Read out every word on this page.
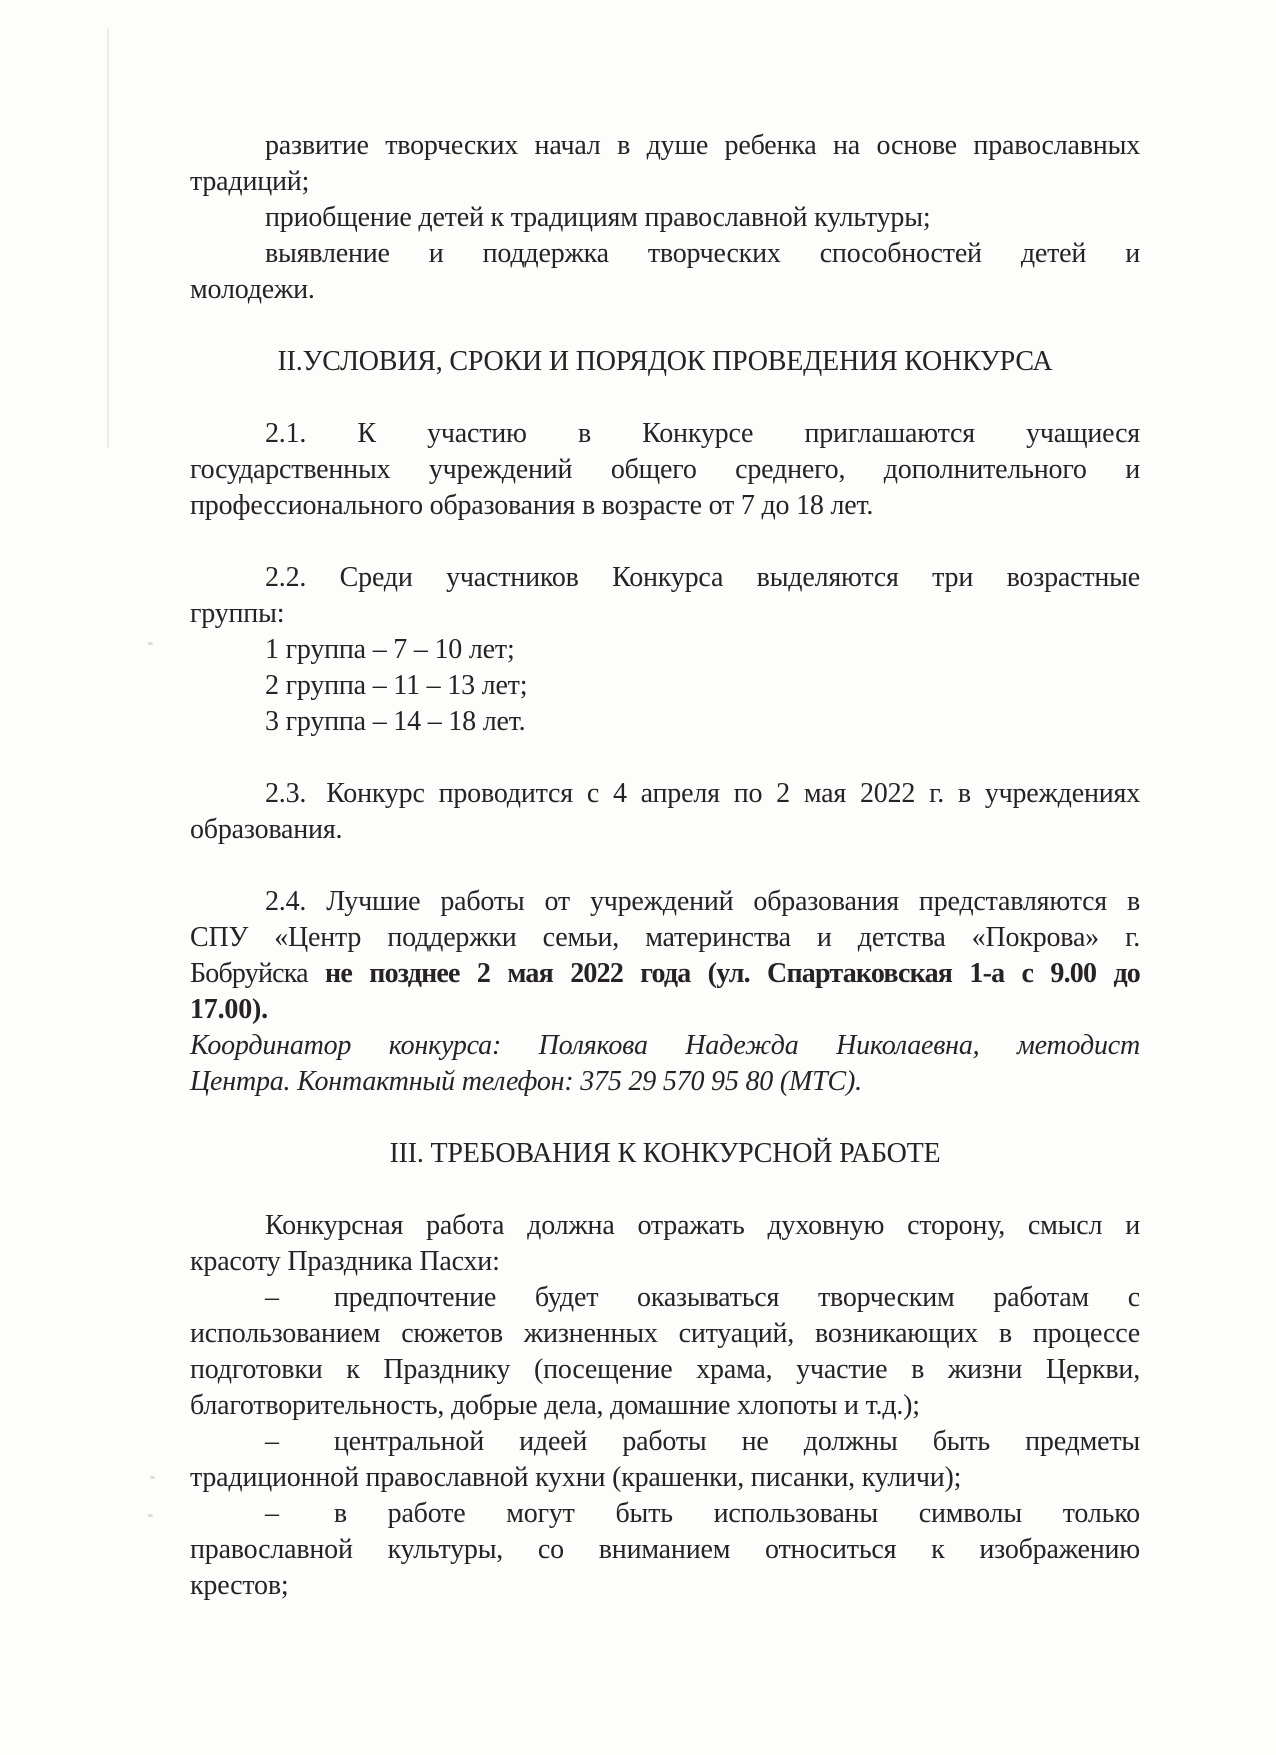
развитие творческих начал в душе ребенка на основе православных
традиций;
приобщение детей к традициям православной культуры;
выявление и поддержка творческих способностей детей и
молодежи.
II.УСЛОВИЯ, СРОКИ И ПОРЯДОК ПРОВЕДЕНИЯ КОНКУРСА
2.1. К участию в Конкурсе приглашаются учащиеся
государственных учреждений общего среднего, дополнительного и
профессионального образования в возрасте от 7 до 18 лет.
2.2. Среди участников Конкурса выделяются три возрастные
группы:
1 группа – 7 – 10 лет;
2 группа – 11 – 13 лет;
3 группа – 14 – 18 лет.
2.3. Конкурс проводится с 4 апреля по 2 мая 2022 г. в учреждениях
образования.
2.4. Лучшие работы от учреждений образования представляются в
СПУ «Центр поддержки семьи, материнства и детства «Покрова» г.
Бобруйска не позднее 2 мая 2022 года (ул. Спартаковская 1-а с 9.00 до
17.00).
Координатор конкурса: Полякова Надежда Николаевна, методист
Центра. Контактный телефон: 375 29 570 95 80 (МТС).
III. ТРЕБОВАНИЯ К КОНКУРСНОЙ РАБОТЕ
Конкурсная работа должна отражать духовную сторону, смысл и
красоту Праздника Пасхи:
– предпочтение будет оказываться творческим работам с
использованием сюжетов жизненных ситуаций, возникающих в процессе
подготовки к Празднику (посещение храма, участие в жизни Церкви,
благотворительность, добрые дела, домашние хлопоты и т.д.);
– центральной идеей работы не должны быть предметы
традиционной православной кухни (крашенки, писанки, куличи);
– в работе могут быть использованы символы только
православной культуры, со вниманием относиться к изображению
крестов;
